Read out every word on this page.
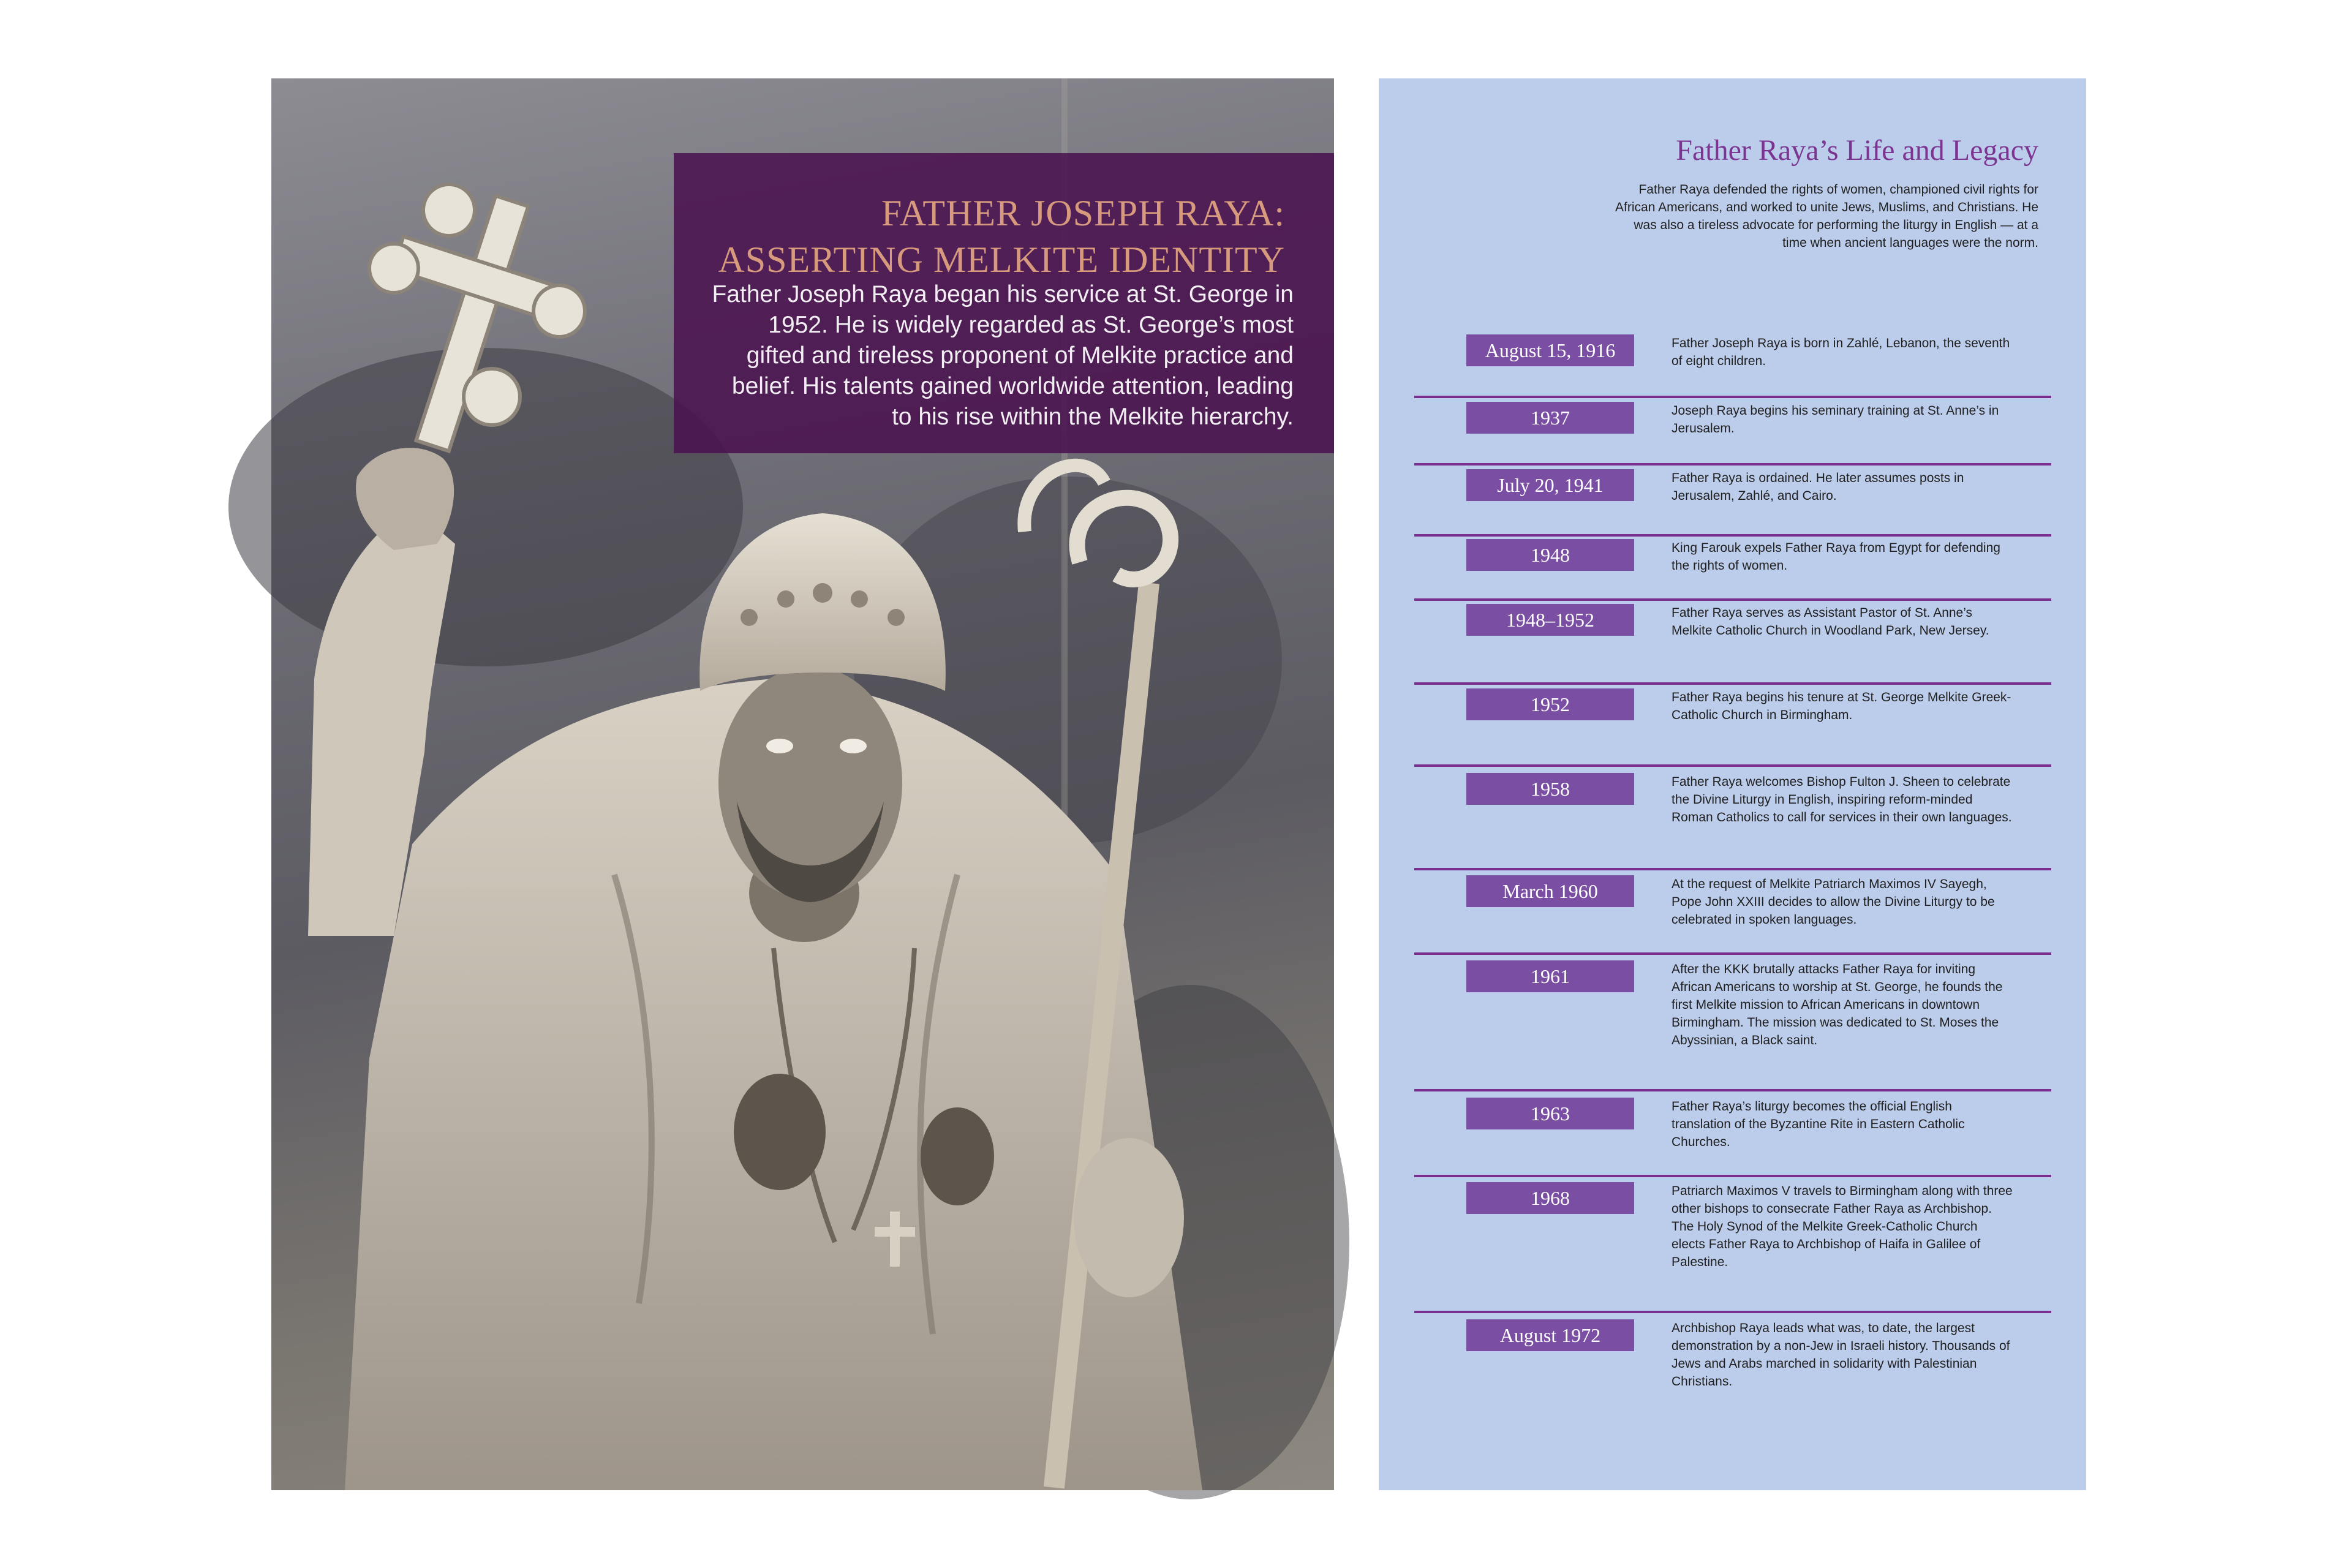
FATHER JOSEPH RAYA:
ASSERTING MELKITE IDENTITY

Father Joseph Raya began his service at St. George in 1952. He is widely regarded as St. George’s most gifted and tireless proponent of Melkite practice and belief. His talents gained worldwide attention, leading to his rise within the Melkite hierarchy.

Father Raya’s Life and Legacy

Father Raya defended the rights of women, championed civil rights for African Americans, and worked to unite Jews, Muslims, and Christians. He was also a tireless advocate for performing the liturgy in English — at a time when ancient languages were the norm.

August 15, 1916	Father Joseph Raya is born in Zahlé, Lebanon, the seventh of eight children.
1937	Joseph Raya begins his seminary training at St. Anne’s in Jerusalem.
July 20, 1941	Father Raya is ordained. He later assumes posts in Jerusalem, Zahlé, and Cairo.
1948	King Farouk expels Father Raya from Egypt for defending the rights of women.
1948–1952	Father Raya serves as Assistant Pastor of St. Anne’s Melkite Catholic Church in Woodland Park, New Jersey.
1952	Father Raya begins his tenure at St. George Melkite Greek-Catholic Church in Birmingham.
1958	Father Raya welcomes Bishop Fulton J. Sheen to celebrate the Divine Liturgy in English, inspiring reform-minded Roman Catholics to call for services in their own languages.
March 1960	At the request of Melkite Patriarch Maximos IV Sayegh, Pope John XXIII decides to allow the Divine Liturgy to be celebrated in spoken languages.
1961	After the KKK brutally attacks Father Raya for inviting African Americans to worship at St. George, he founds the first Melkite mission to African Americans in downtown Birmingham. The mission was dedicated to St. Moses the Abyssinian, a Black saint.
1963	Father Raya’s liturgy becomes the official English translation of the Byzantine Rite in Eastern Catholic Churches.
1968	Patriarch Maximos V travels to Birmingham along with three other bishops to consecrate Father Raya as Archbishop. The Holy Synod of the Melkite Greek-Catholic Church elects Father Raya to Archbishop of Haifa in Galilee of Palestine.
August 1972	Archbishop Raya leads what was, to date, the largest demonstration by a non-Jew in Israeli history. Thousands of Jews and Arabs marched in solidarity with Palestinian Christians.
